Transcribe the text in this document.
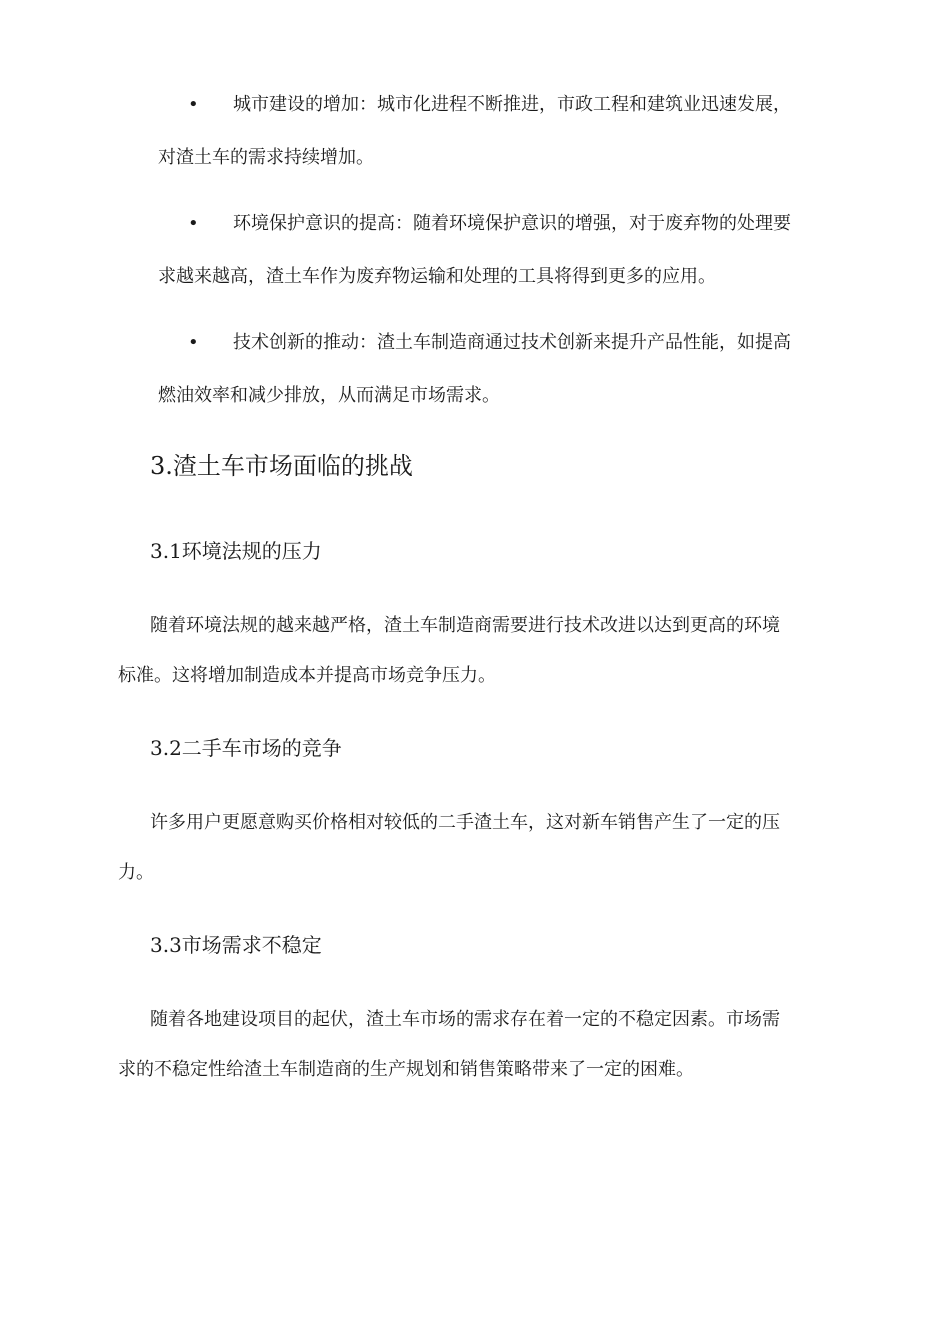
• 城市建设的增加：城市化进程不断推进，市政工程和建筑业迅速发展，
对渣土车的需求持续增加。
• 环境保护意识的提高：随着环境保护意识的增强，对于废弃物的处理要
求越来越高，渣土车作为废弃物运输和处理的工具将得到更多的应用。
• 技术创新的推动：渣土车制造商通过技术创新来提升产品性能，如提高
燃油效率和减少排放，从而满足市场需求。
3.渣土车市场面临的挑战
3.1环境法规的压力
随着环境法规的越来越严格，渣土车制造商需要进行技术改进以达到更高的环境
标准。这将增加制造成本并提高市场竞争压力。
3.2二手车市场的竞争
许多用户更愿意购买价格相对较低的二手渣土车，这对新车销售产生了一定的压
力。
3.3市场需求不稳定
随着各地建设项目的起伏，渣土车市场的需求存在着一定的不稳定因素。市场需
求的不稳定性给渣土车制造商的生产规划和销售策略带来了一定的困难。
